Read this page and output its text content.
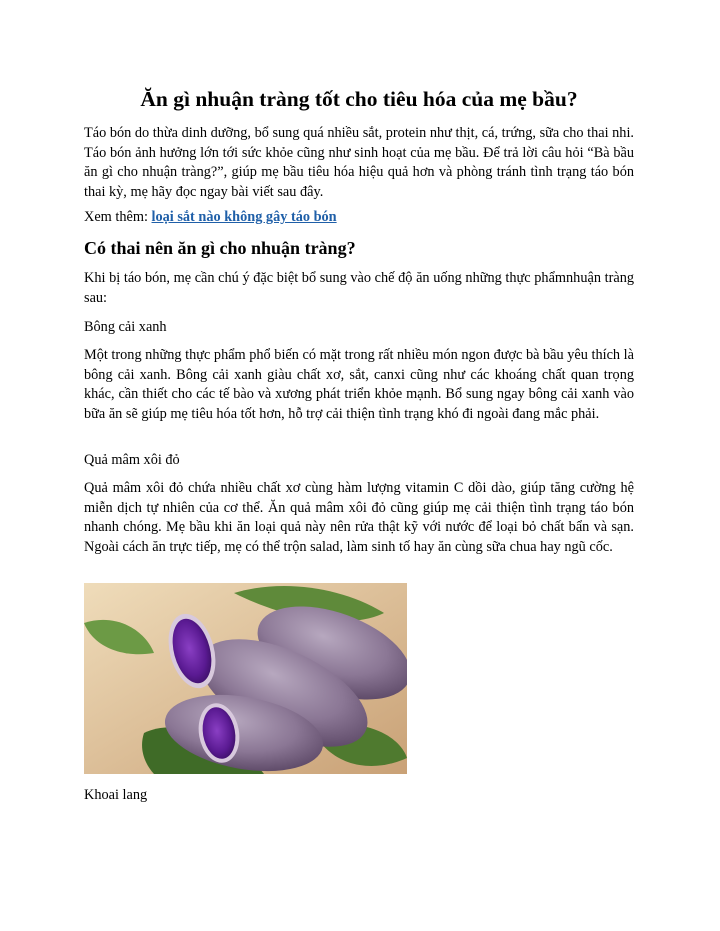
Ăn gì nhuận tràng tốt cho tiêu hóa của mẹ bầu?

Táo bón do thừa dinh dưỡng, bổ sung quá nhiều sắt, protein như thịt, cá, trứng, sữa cho thai nhi. Táo bón ảnh hưởng lớn tới sức khỏe cũng như sinh hoạt của mẹ bầu. Để trả lời câu hỏi “Bà bầu ăn gì cho nhuận tràng?”, giúp mẹ bầu tiêu hóa hiệu quả hơn và phòng tránh tình trạng táo bón thai kỳ, mẹ hãy đọc ngay bài viết sau đây.

Xem thêm: loại sắt nào không gây táo bón

Có thai nên ăn gì cho nhuận tràng?

Khi bị táo bón, mẹ cần chú ý đặc biệt bổ sung vào chế độ ăn uống những thực phẩmnhuận tràng sau:

Bông cải xanh

Một trong những thực phẩm phổ biến có mặt trong rất nhiều món ngon được bà bầu yêu thích là bông cải xanh. Bông cải xanh giàu chất xơ, sắt, canxi cũng như các khoáng chất quan trọng khác, cần thiết cho các tế bào và xương phát triển khỏe mạnh. Bổ sung ngay bông cải xanh vào bữa ăn sẽ giúp mẹ tiêu hóa tốt hơn, hỗ trợ cải thiện tình trạng khó đi ngoài đang mắc phải.

Quả mâm xôi đỏ

Quả mâm xôi đỏ chứa nhiều chất xơ cùng hàm lượng vitamin C dồi dào, giúp tăng cường hệ miễn dịch tự nhiên của cơ thể. Ăn quả mâm xôi đỏ cũng giúp mẹ cải thiện tình trạng táo bón nhanh chóng. Mẹ bầu khi ăn loại quả này nên rửa thật kỹ với nước để loại bỏ chất bẩn và sạn. Ngoài cách ăn trực tiếp, mẹ có thể trộn salad, làm sinh tố hay ăn cùng sữa chua hay ngũ cốc.

Khoai lang
